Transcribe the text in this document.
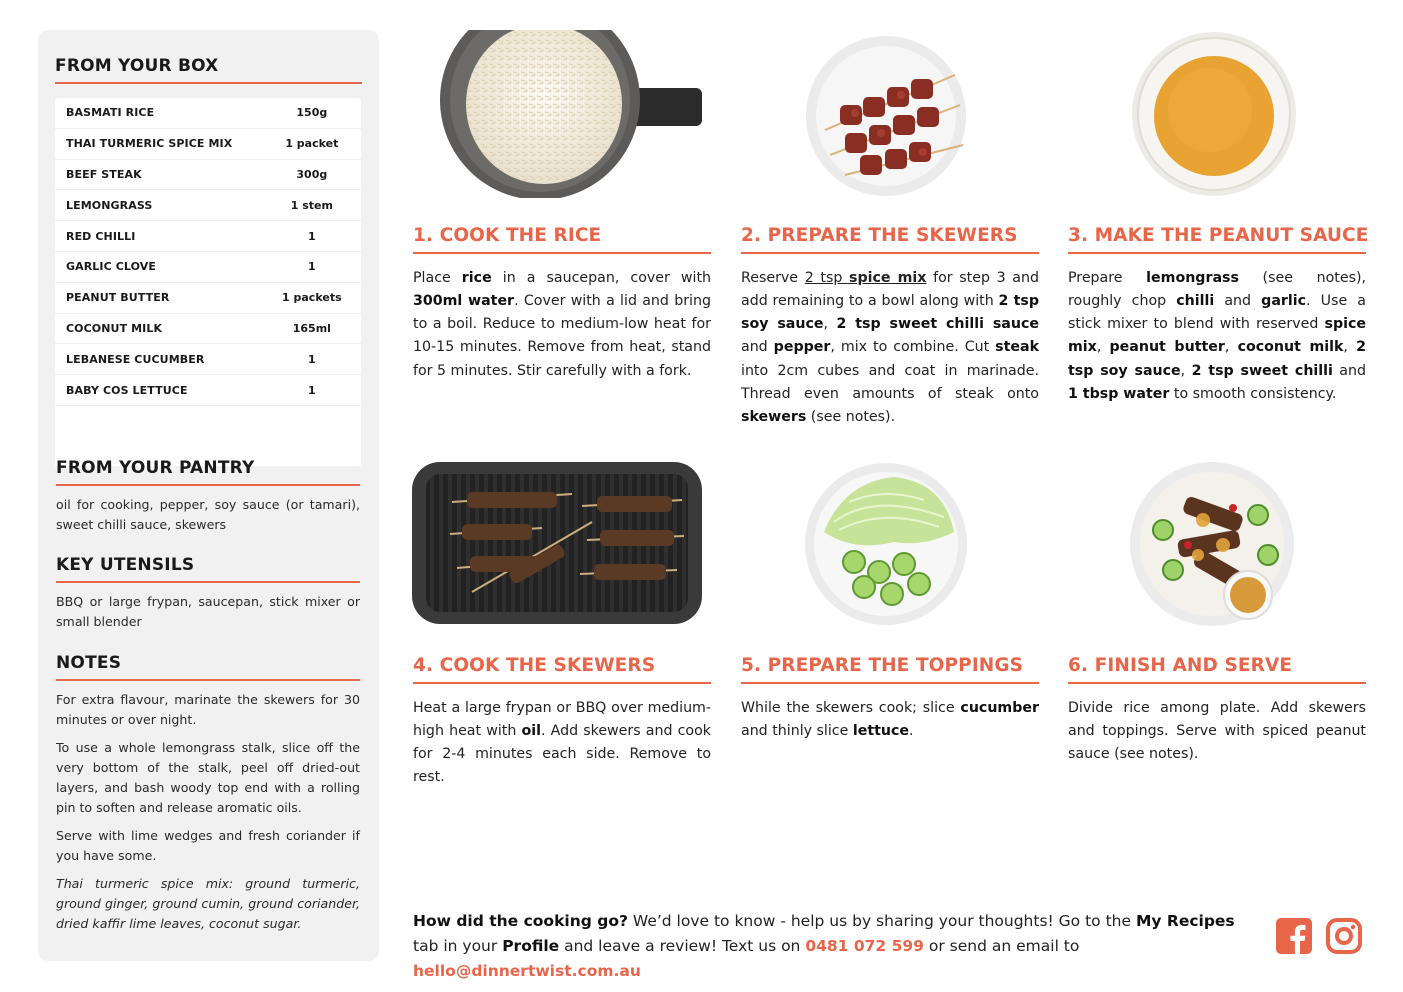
FROM YOUR BOX
BASMATI RICE	150g
THAI TURMERIC SPICE MIX	1 packet
BEEF STEAK	300g
LEMONGRASS	1 stem
RED CHILLI	1
GARLIC CLOVE	1
PEANUT BUTTER	1 packets
COCONUT MILK	165ml
LEBANESE CUCUMBER	1
BABY COS LETTUCE	1
FROM YOUR PANTRY
oil for cooking, pepper, soy sauce (or tamari), sweet chilli sauce, skewers
KEY UTENSILS
BBQ or large frypan, saucepan, stick mixer or small blender
NOTES

For extra flavour, marinate the skewers for 30 minutes or over night.

To use a whole lemongrass stalk, slice off the very bottom of the stalk, peel off dried-out layers, and bash woody top end with a rolling pin to soften and release aromatic oils.

Serve with lime wedges and fresh coriander if you have some.

Thai turmeric spice mix: ground turmeric, ground ginger, ground cumin, ground coriander, dried kaffir lime leaves, coconut sugar.

1. COOK THE RICE
Place rice in a saucepan, cover with 300ml water. Cover with a lid and bring to a boil. Reduce to medium-low heat for 10-15 minutes. Remove from heat, stand for 5 minutes. Stir carefully with a fork.
2. PREPARE THE SKEWERS
Reserve 2 tsp spice mix for step 3 and add remaining to a bowl along with 2 tsp soy sauce, 2 tsp sweet chilli sauce and pepper, mix to combine. Cut steak into 2cm cubes and coat in marinade. Thread even amounts of steak onto skewers (see notes).
3. MAKE THE PEANUT SAUCE
Prepare lemongrass (see notes), roughly chop chilli and garlic. Use a stick mixer to blend with reserved spice mix, peanut butter, coconut milk, 2 tsp soy sauce, 2 tsp sweet chilli and 1 tbsp water to smooth consistency.
4. COOK THE SKEWERS
Heat a large frypan or BBQ over medium-high heat with oil. Add skewers and cook for 2-4 minutes each side. Remove to rest.
5. PREPARE THE TOPPINGS
While the skewers cook; slice cucumber and thinly slice lettuce.
6. FINISH AND SERVE
Divide rice among plate. Add skewers and toppings. Serve with spiced peanut sauce (see notes).
How did the cooking go? We’d love to know - help us by sharing your thoughts! Go to the My Recipes tab in your Profile and leave a review! Text us on 0481 072 599 or send an email to hello@dinnertwist.com.au
